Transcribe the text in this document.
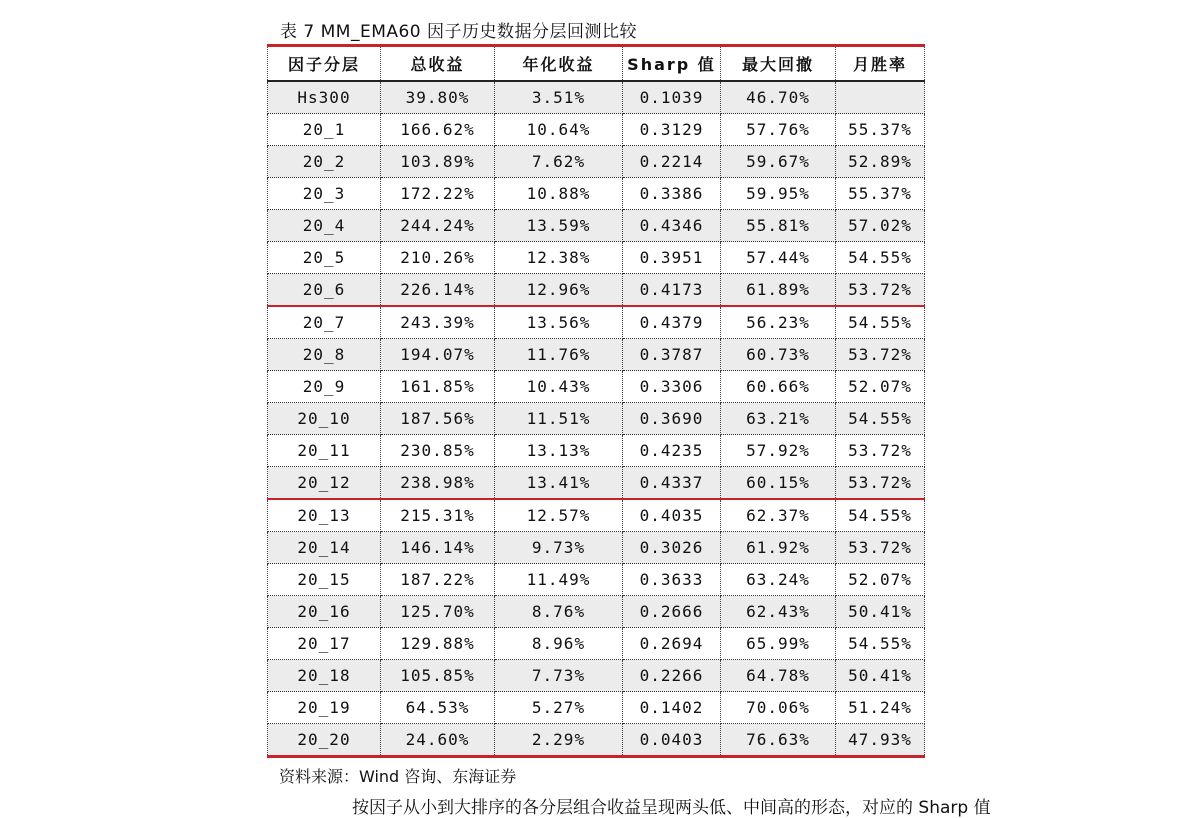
表 7 MM_EMA60 因子历史数据分层回测比较
因子分层	总收益	年化收益	Sharp 值	最大回撤	月胜率
Hs300	39.80%	3.51%	0.1039	46.70%	
20_1	166.62%	10.64%	0.3129	57.76%	55.37%
20_2	103.89%	7.62%	0.2214	59.67%	52.89%
20_3	172.22%	10.88%	0.3386	59.95%	55.37%
20_4	244.24%	13.59%	0.4346	55.81%	57.02%
20_5	210.26%	12.38%	0.3951	57.44%	54.55%
20_6	226.14%	12.96%	0.4173	61.89%	53.72%
20_7	243.39%	13.56%	0.4379	56.23%	54.55%
20_8	194.07%	11.76%	0.3787	60.73%	53.72%
20_9	161.85%	10.43%	0.3306	60.66%	52.07%
20_10	187.56%	11.51%	0.3690	63.21%	54.55%
20_11	230.85%	13.13%	0.4235	57.92%	53.72%
20_12	238.98%	13.41%	0.4337	60.15%	53.72%
20_13	215.31%	12.57%	0.4035	62.37%	54.55%
20_14	146.14%	9.73%	0.3026	61.92%	53.72%
20_15	187.22%	11.49%	0.3633	63.24%	52.07%
20_16	125.70%	8.76%	0.2666	62.43%	50.41%
20_17	129.88%	8.96%	0.2694	65.99%	54.55%
20_18	105.85%	7.73%	0.2266	64.78%	50.41%
20_19	64.53%	5.27%	0.1402	70.06%	51.24%
20_20	24.60%	2.29%	0.0403	76.63%	47.93%
资料来源：Wind 咨询、东海证券
按因子从小到大排序的各分层组合收益呈现两头低、中间高的形态，对应的 Sharp 值
